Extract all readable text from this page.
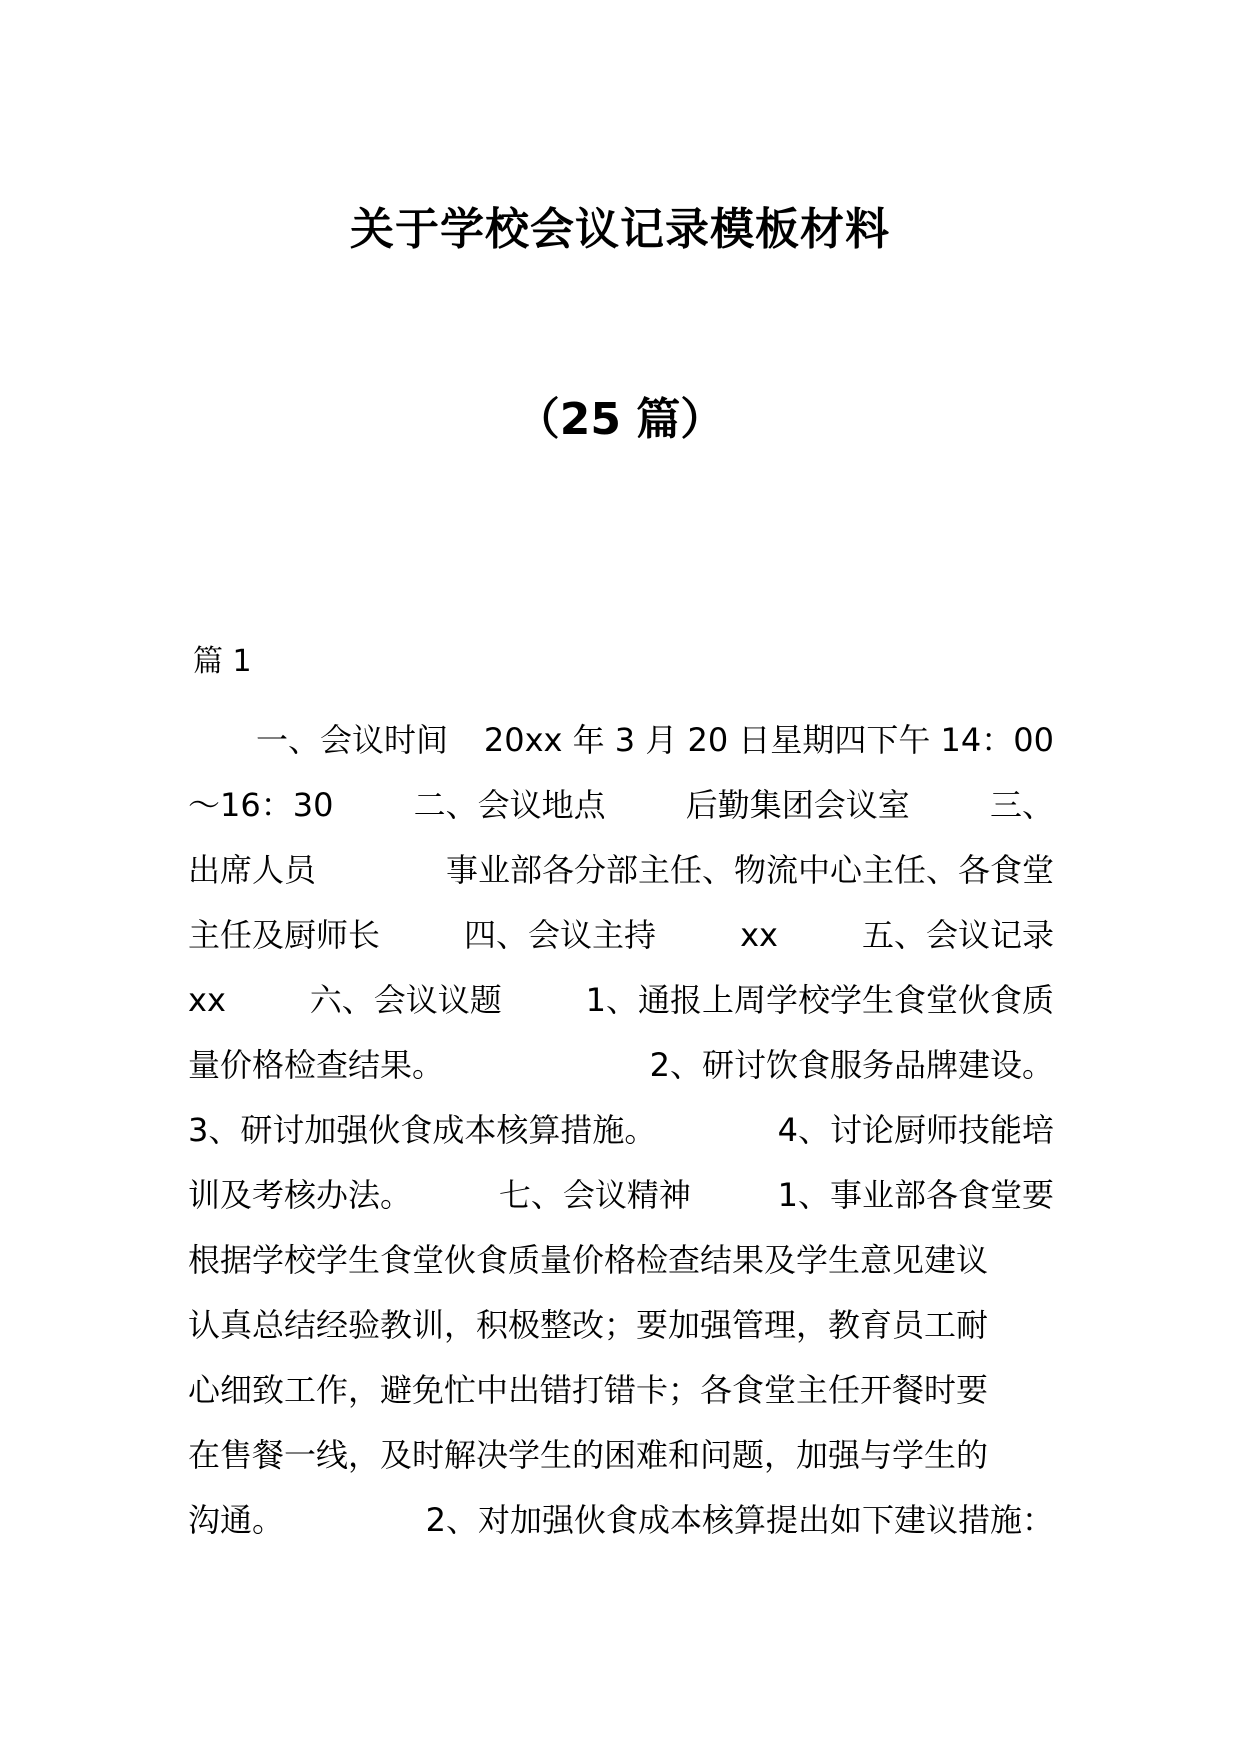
关于学校会议记录模板材料
（25 篇）
篇 1
一、会议时间 20xx 年 3 月 20 日星期四下午 14：00
～16：30	二、会议地点	后勤集团会议室	三、
出席人员	事业部各分部主任、物流中心主任、各食堂
主任及厨师长	四、会议主持	xx	五、会议记录
xx	六、会议议题	1、通报上周学校学生食堂伙食质
量价格检查结果。	2、研讨饮食服务品牌建设。
3、研讨加强伙食成本核算措施。	4、讨论厨师技能培
训及考核办法。	七、会议精神	1、事业部各食堂要
根据学校学生食堂伙食质量价格检查结果及学生意见建议
认真总结经验教训，积极整改；要加强管理，教育员工耐
心细致工作，避免忙中出错打错卡；各食堂主任开餐时要
在售餐一线，及时解决学生的困难和问题，加强与学生的
沟通。	2、对加强伙食成本核算提出如下建议措施：
